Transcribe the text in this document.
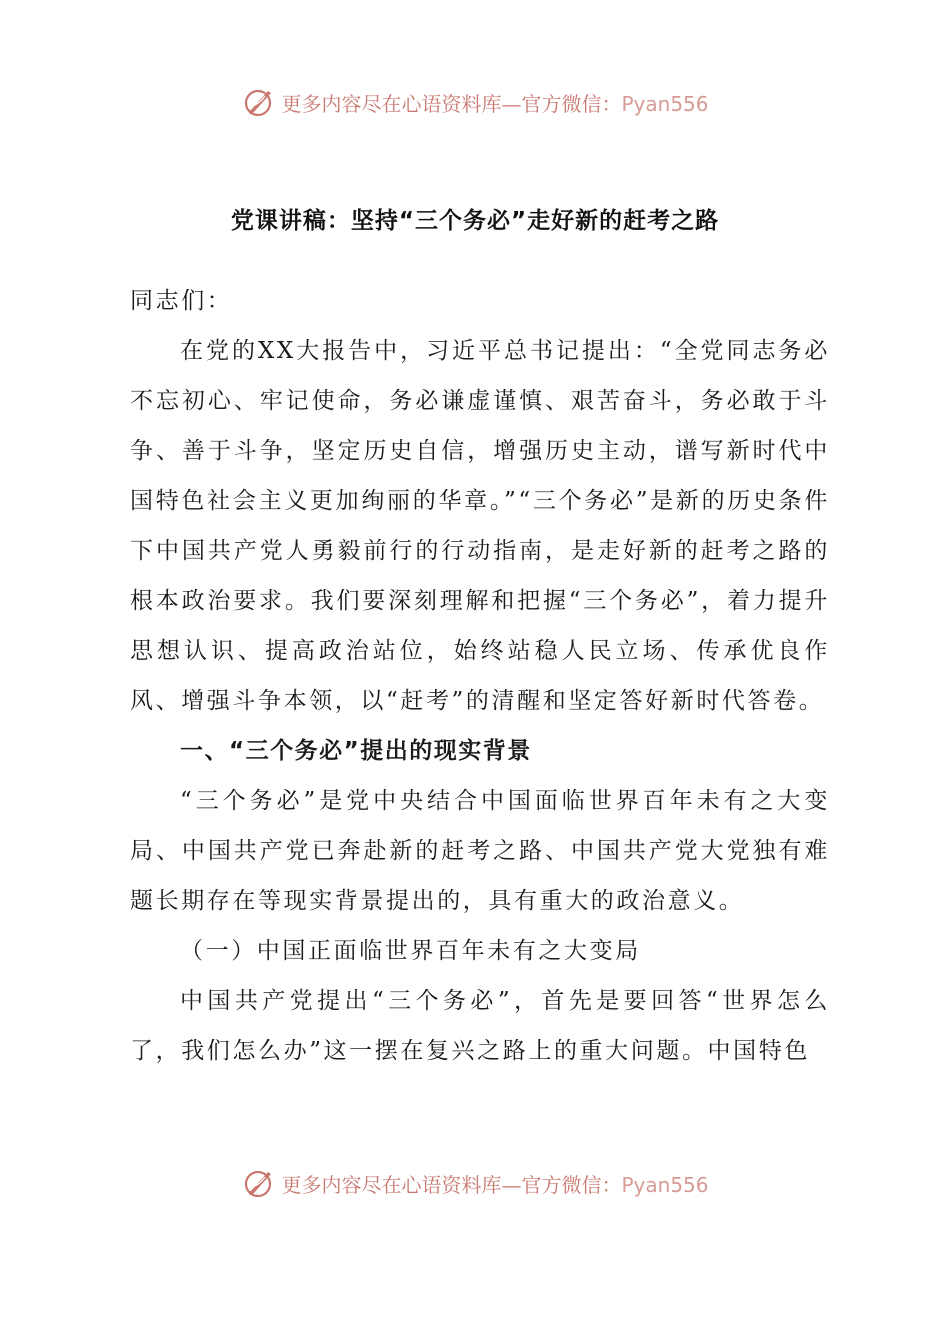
更多内容尽在心语资料库—官方微信：Pyan556
党课讲稿：坚持“三个务必”走好新的赶考之路

同志们：

在党的XX大报告中，习近平总书记提出：“全党同志务必不忘初心、牢记使命，务必谦虚谨慎、艰苦奋斗，务必敢于斗争、善于斗争，坚定历史自信，增强历史主动，谱写新时代中国特色社会主义更加绚丽的华章。”“三个务必”是新的历史条件下中国共产党人勇毅前行的行动指南，是走好新的赶考之路的根本政治要求。我们要深刻理解和把握“三个务必”，着力提升思想认识、提高政治站位，始终站稳人民立场、传承优良作风、增强斗争本领，以“赶考”的清醒和坚定答好新时代答卷。

一、“三个务必”提出的现实背景

“三个务必”是党中央结合中国面临世界百年未有之大变局、中国共产党已奔赴新的赶考之路、中国共产党大党独有难题长期存在等现实背景提出的，具有重大的政治意义。

（一）中国正面临世界百年未有之大变局

中国共产党提出“三个务必”，首先是要回答“世界怎么了，我们怎么办”这一摆在复兴之路上的重大问题。中国特色

更多内容尽在心语资料库—官方微信：Pyan556
